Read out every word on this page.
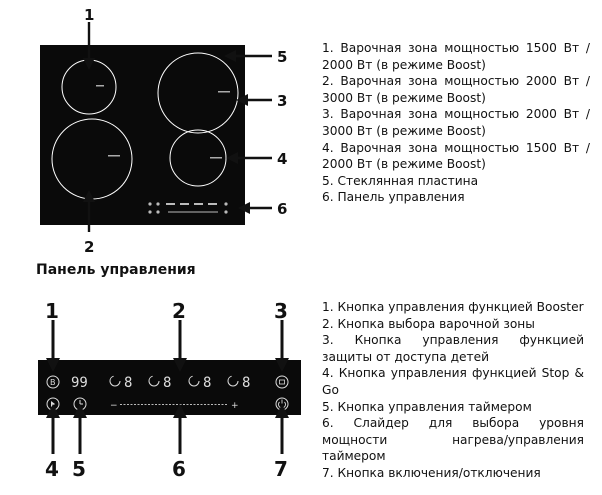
1
2
5
3
4
6
1. Варочная зона мощностью 1500 Вт / 2000 Вт (в режиме Boost)
2. Варочная зона мощностью 2000 Вт / 3000 Вт (в режиме Boost)
3. Варочная зона мощностью 2000 Вт / 3000 Вт (в режиме Boost)
4. Варочная зона мощностью 1500 Вт / 2000 Вт (в режиме Boost)
5. Стеклянная пластина
6. Панель управления
Панель управления
B 99	8 8 8 8
−	+
1	2	3
4 5	6	7
1. Кнопка управления функцией Booster
2. Кнопка выбора варочной зоны
3. Кнопка управления функцией защиты от доступа детей
4. Кнопка управления функцией Stop & Go
5. Кнопка управления таймером
6. Слайдер для выбора уровня мощности нагрева/управления таймером
7. Кнопка включения/отключения
